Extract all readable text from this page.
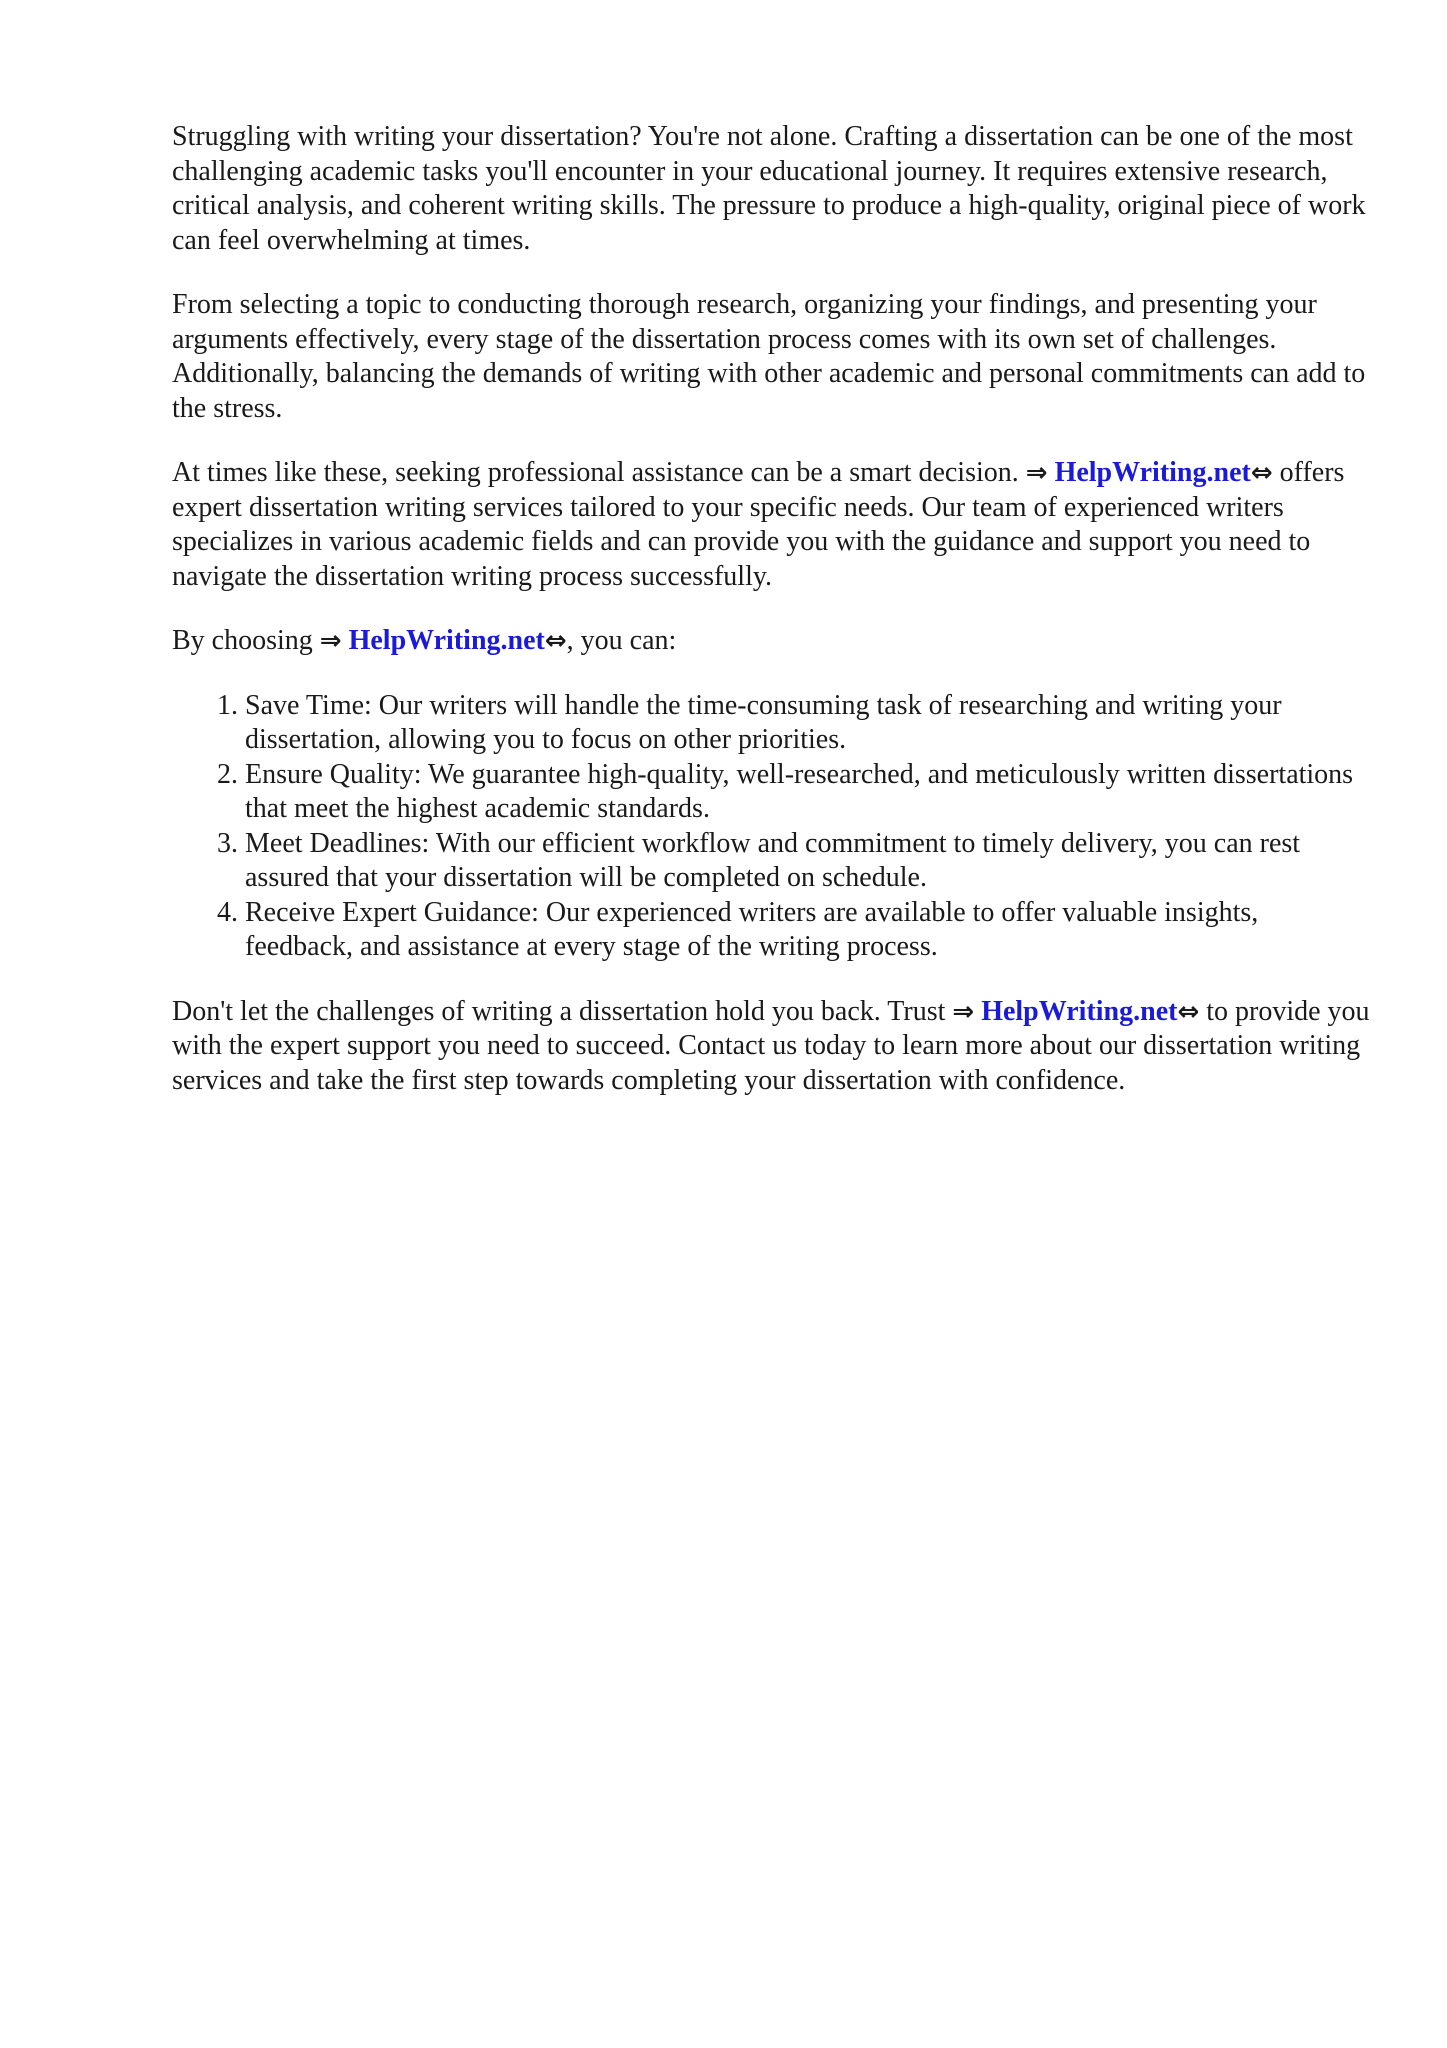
Struggling with writing your dissertation? You're not alone. Crafting a dissertation can be one of the most challenging academic tasks you'll encounter in your educational journey. It requires extensive research, critical analysis, and coherent writing skills. The pressure to produce a high-quality, original piece of work can feel overwhelming at times.

From selecting a topic to conducting thorough research, organizing your findings, and presenting your arguments effectively, every stage of the dissertation process comes with its own set of challenges. Additionally, balancing the demands of writing with other academic and personal commitments can add to the stress.

At times like these, seeking professional assistance can be a smart decision. ⇒ HelpWriting.net⇔ offers expert dissertation writing services tailored to your specific needs. Our team of experienced writers specializes in various academic fields and can provide you with the guidance and support you need to navigate the dissertation writing process successfully.

By choosing ⇒ HelpWriting.net⇔, you can:

1. Save Time: Our writers will handle the time-consuming task of researching and writing your dissertation, allowing you to focus on other priorities.
2. Ensure Quality: We guarantee high-quality, well-researched, and meticulously written dissertations that meet the highest academic standards.
3. Meet Deadlines: With our efficient workflow and commitment to timely delivery, you can rest assured that your dissertation will be completed on schedule.
4. Receive Expert Guidance: Our experienced writers are available to offer valuable insights, feedback, and assistance at every stage of the writing process.

Don't let the challenges of writing a dissertation hold you back. Trust ⇒ HelpWriting.net⇔ to provide you with the expert support you need to succeed. Contact us today to learn more about our dissertation writing services and take the first step towards completing your dissertation with confidence.
